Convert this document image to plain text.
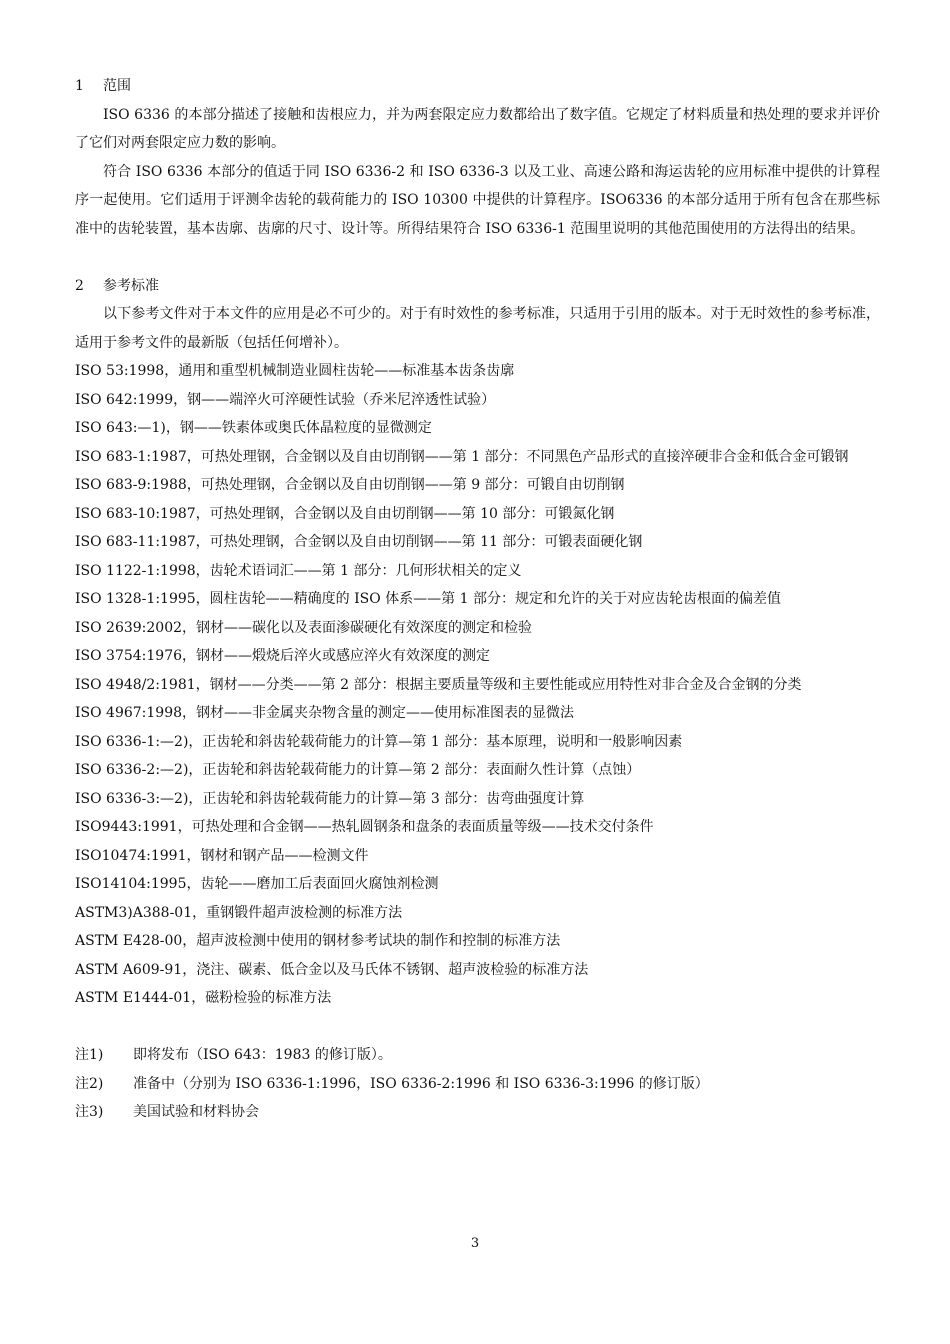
1 范围

ISO 6336 的本部分描述了接触和齿根应力，并为两套限定应力数都给出了数字值。它规定了材料质量和热处理的要求并评价了它们对两套限定应力数的影响。

符合 ISO 6336 本部分的值适于同 ISO 6336-2 和 ISO 6336-3 以及工业、高速公路和海运齿轮的应用标准中提供的计算程序一起使用。它们适用于评测伞齿轮的载荷能力的 ISO 10300 中提供的计算程序。ISO6336 的本部分适用于所有包含在那些标准中的齿轮装置，基本齿廓、齿廓的尺寸、设计等。所得结果符合 ISO 6336-1 范围里说明的其他范围使用的方法得出的结果。

2 参考标准

以下参考文件对于本文件的应用是必不可少的。对于有时效性的参考标准，只适用于引用的版本。对于无时效性的参考标准，适用于参考文件的最新版（包括任何增补）。

ISO 53:1998，通用和重型机械制造业圆柱齿轮——标准基本齿条齿廓

ISO 642:1999，钢——端淬火可淬硬性试验（乔米尼淬透性试验）

ISO 643:—1)，钢——铁素体或奥氏体晶粒度的显微测定

ISO 683-1:1987，可热处理钢，合金钢以及自由切削钢——第 1 部分：不同黑色产品形式的直接淬硬非合金和低合金可锻钢

ISO 683-9:1988，可热处理钢，合金钢以及自由切削钢——第 9 部分：可锻自由切削钢

ISO 683-10:1987，可热处理钢，合金钢以及自由切削钢——第 10 部分：可锻氮化钢

ISO 683-11:1987，可热处理钢，合金钢以及自由切削钢——第 11 部分：可锻表面硬化钢

ISO 1122-1:1998，齿轮术语词汇——第 1 部分：几何形状相关的定义

ISO 1328-1:1995，圆柱齿轮——精确度的 ISO 体系——第 1 部分：规定和允许的关于对应齿轮齿根面的偏差值

ISO 2639:2002，钢材——碳化以及表面渗碳硬化有效深度的测定和检验

ISO 3754:1976，钢材——煅烧后淬火或感应淬火有效深度的测定

ISO 4948/2:1981，钢材——分类——第 2 部分：根据主要质量等级和主要性能或应用特性对非合金及合金钢的分类

ISO 4967:1998，钢材——非金属夹杂物含量的测定——使用标准图表的显微法

ISO 6336-1:—2)，正齿轮和斜齿轮载荷能力的计算—第 1 部分：基本原理，说明和一般影响因素

ISO 6336-2:—2)，正齿轮和斜齿轮载荷能力的计算—第 2 部分：表面耐久性计算（点蚀）

ISO 6336-3:—2)，正齿轮和斜齿轮载荷能力的计算—第 3 部分：齿弯曲强度计算

ISO9443:1991，可热处理和合金钢——热轧圆钢条和盘条的表面质量等级——技术交付条件

ISO10474:1991，钢材和钢产品——检测文件

ISO14104:1995，齿轮——磨加工后表面回火腐蚀剂检测

ASTM3)A388-01，重钢锻件超声波检测的标准方法

ASTM E428-00，超声波检测中使用的钢材参考试块的制作和控制的标准方法

ASTM A609-91，浇注、碳素、低合金以及马氏体不锈钢、超声波检验的标准方法

ASTM E1444-01，磁粉检验的标准方法

注1) 即将发布（ISO 643：1983 的修订版）。
注2) 准备中（分别为 ISO 6336-1:1996，ISO 6336-2:1996 和 ISO 6336-3:1996 的修订版）
注3) 美国试验和材料协会
3
